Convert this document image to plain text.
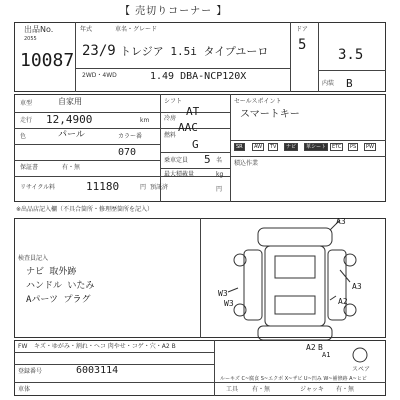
【 売切りコーナー 】
出品No.
2055
10087
年式	車名・グレード
23/9 トレジア 1.5i タイプユーロ
2WD・4WD	1.49 DBA-NCP120X
ドア
5
3.5
内装 B
車型	自家用
走行 12,4900	km
色	パール	カラー番
070
保証書	有・無
リサイクル料	11180	円 預託済
シフト
AT
冷房
AAC
燃料
G
乗車定員 5 名
最大積載量	kg
円
セールスポイント
スマートキー
SR	AW	TV	ナビ	革シート	ETC	PS	PW
積込作業
※出品店記入欄（不具合箇所・修理歴箇所を記入）
検査員記入
ナビ 取外跡
ハンドル いたみ
Aパーツ プラグ
A3
A3
W3
W3	A2
A2 B
A1
スペア
FW キズ・ゆがみ・割れ・ヘコ 肉やせ・コゲ・穴・A2 B
登録番号	6003114
車体
ルーキズ C~腐食 S~エクボ X~ザビ U~凹み W~補修跡 A~ヒビ
工具 有・無	ジャッキ 有・無
